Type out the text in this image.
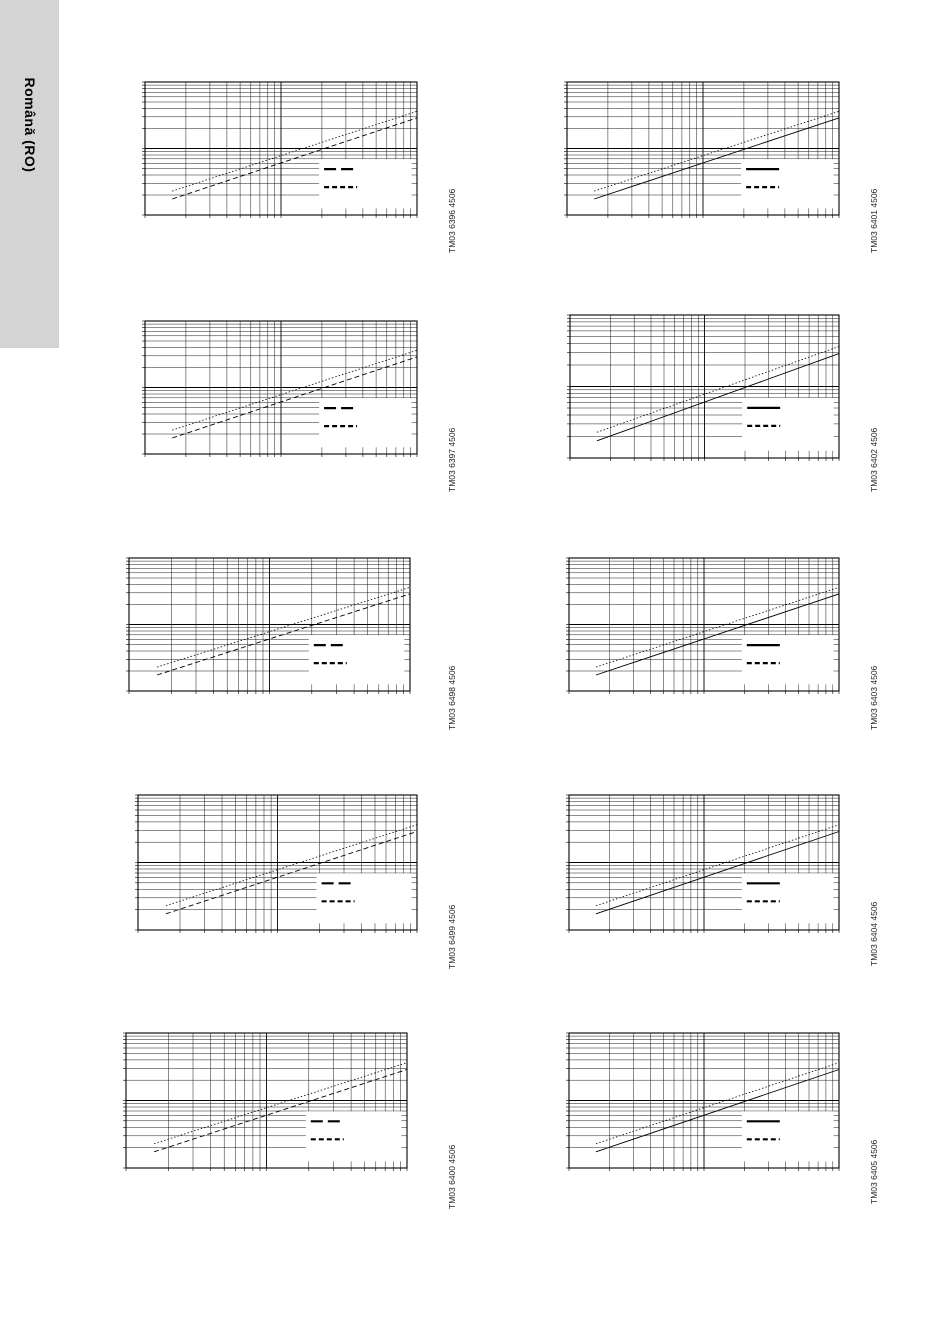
Română (RO)
TM03 6396 4506	TM03 6401 4506
TM03 6397 4506	TM03 6402 4506
TM03 6498 4506	TM03 6403 4506
TM03 6499 4506	TM03 6404 4506
TM03 6400 4506	TM03 6405 4506
